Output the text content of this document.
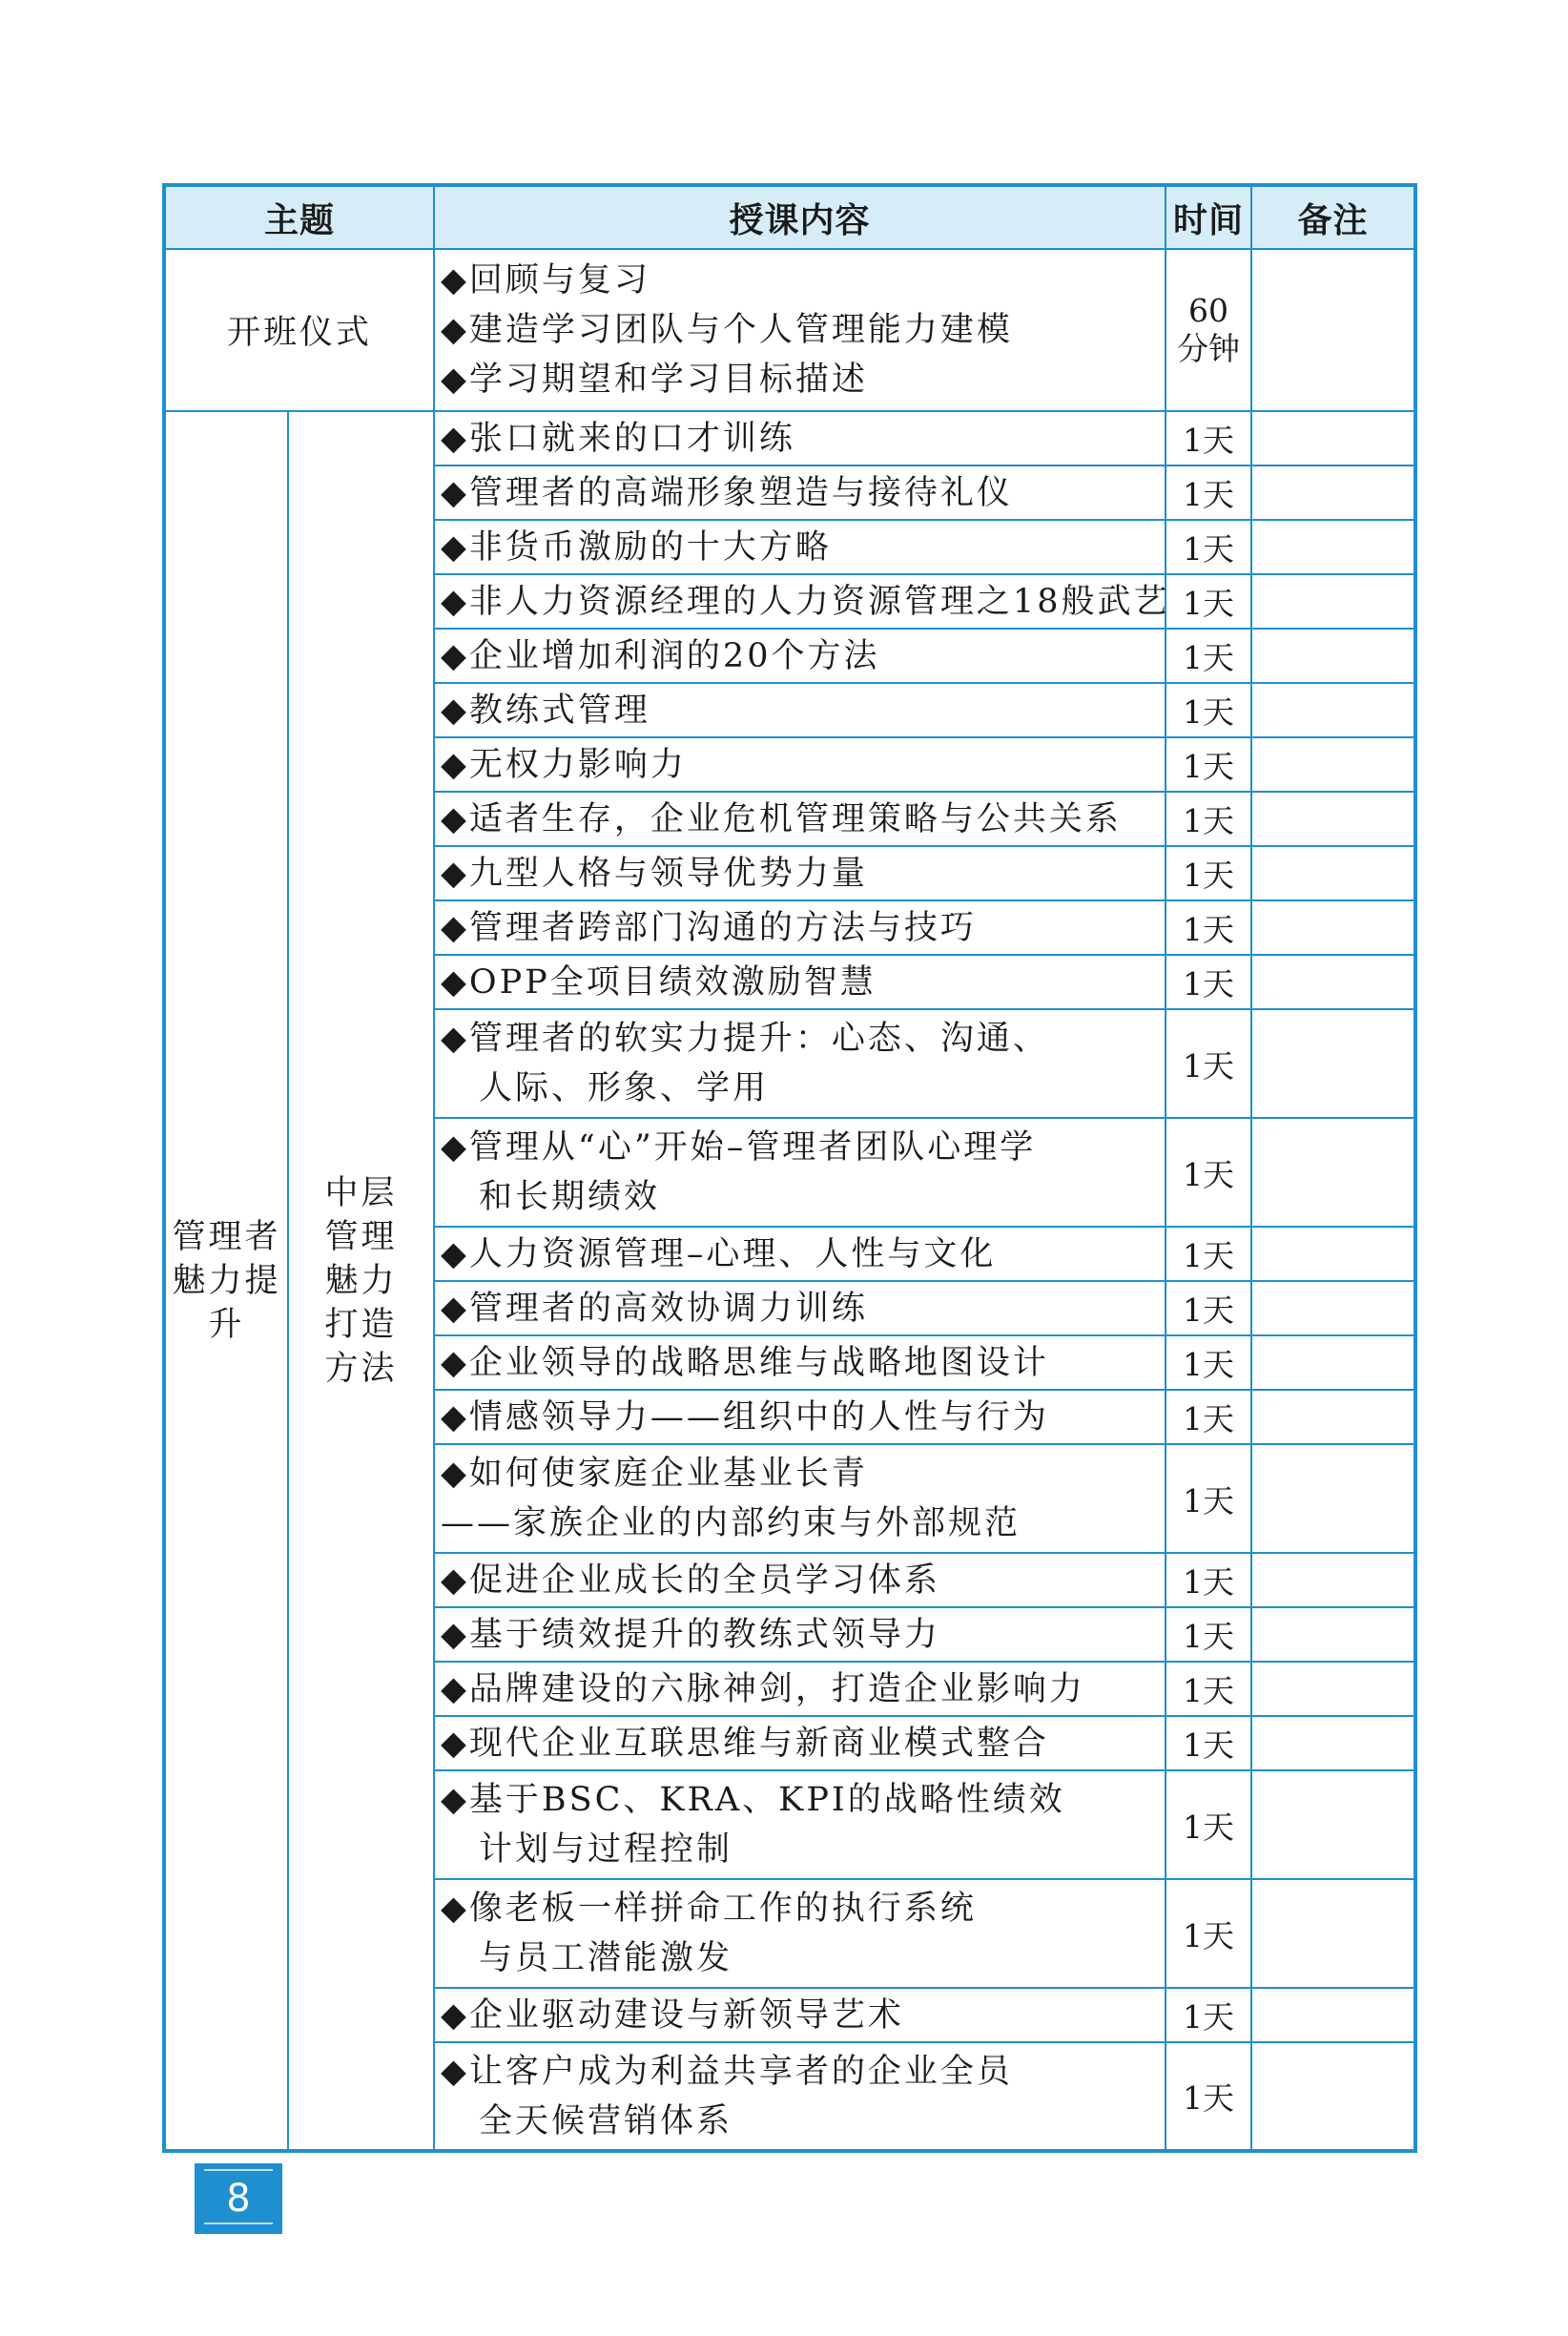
主题		授课内容	时间	备注
开班仪式		◆回顾与复习
◆建造学习团队与个人管理能力建模
◆学习期望和学习目标描述	60
分钟	
管理者魅力提升	中层管理魅力打造方法	◆张口就来的口才训练	1天	

		◆管理者的高端形象塑造与接待礼仪	1天	

		◆非货币激励的十大方略	1天	

		◆非人力资源经理的人力资源管理之18般武艺	1天	

		◆企业增加利润的20个方法	1天	

		◆教练式管理	1天	

		◆无权力影响力	1天	

		◆适者生存，企业危机管理策略与公共关系	1天	

		◆九型人格与领导优势力量	1天	

		◆管理者跨部门沟通的方法与技巧	1天	

		◆OPP全项目绩效激励智慧	1天	

		◆管理者的软实力提升：心态、沟通、
人际、形象、学用	1天	

		◆管理从“心”开始–管理者团队心理学
和长期绩效	1天	

		◆人力资源管理–心理、人性与文化	1天	

		◆管理者的高效协调力训练	1天	

		◆企业领导的战略思维与战略地图设计	1天	

		◆情感领导力——组织中的人性与行为	1天	

		◆如何使家庭企业基业长青
——家族企业的内部约束与外部规范	1天	

		◆促进企业成长的全员学习体系	1天	

		◆基于绩效提升的教练式领导力	1天	

		◆品牌建设的六脉神剑，打造企业影响力	1天	

		◆现代企业互联思维与新商业模式整合	1天	

		◆基于BSC、KRA、KPI的战略性绩效
计划与过程控制	1天	

		◆像老板一样拼命工作的执行系统
与员工潜能激发	1天	

		◆企业驱动建设与新领导艺术	1天	

		◆让客户成为利益共享者的企业全员
全天候营销体系	1天	
8
